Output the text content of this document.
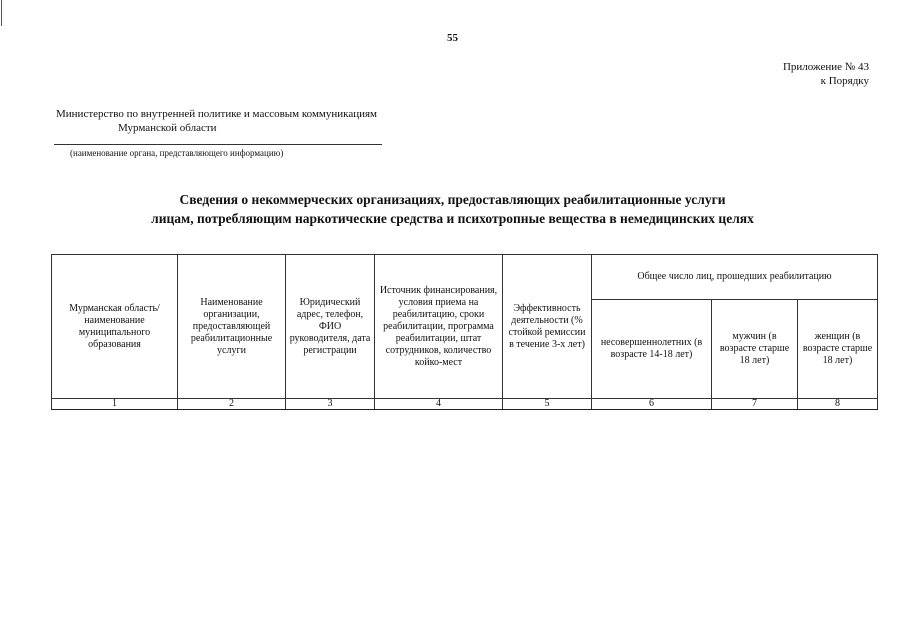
55
Приложение № 43
к Порядку
Министерство по внутренней политике и массовым коммуникациям
Мурманской области
(наименование органа, представляющего информацию)
Сведения о некоммерческих организациях, предоставляющих реабилитационные услуги
лицам, потребляющим наркотические средства и психотропные вещества в немедицинских целях
Мурманская область/наименование муниципального образования	Наименование организации, предоставляющей реабилитационные услуги	Юридический адрес, телефон, ФИО руководителя, дата регистрации	Источник финансирования, условия приема на реабилитацию, сроки реабилитации, программа реабилитации, штат сотрудников, количество койко-мест	Эффективность деятельности (% стойкой ремиссии в течение 3-х лет)	Общее число лиц, прошедших реабилитацию		
					несовершеннолетних (в возрасте 14-18 лет)	мужчин (в возрасте старше 18 лет)	женщин (в возрасте старше 18 лет)
1	2	3	4	5	6	7	8
